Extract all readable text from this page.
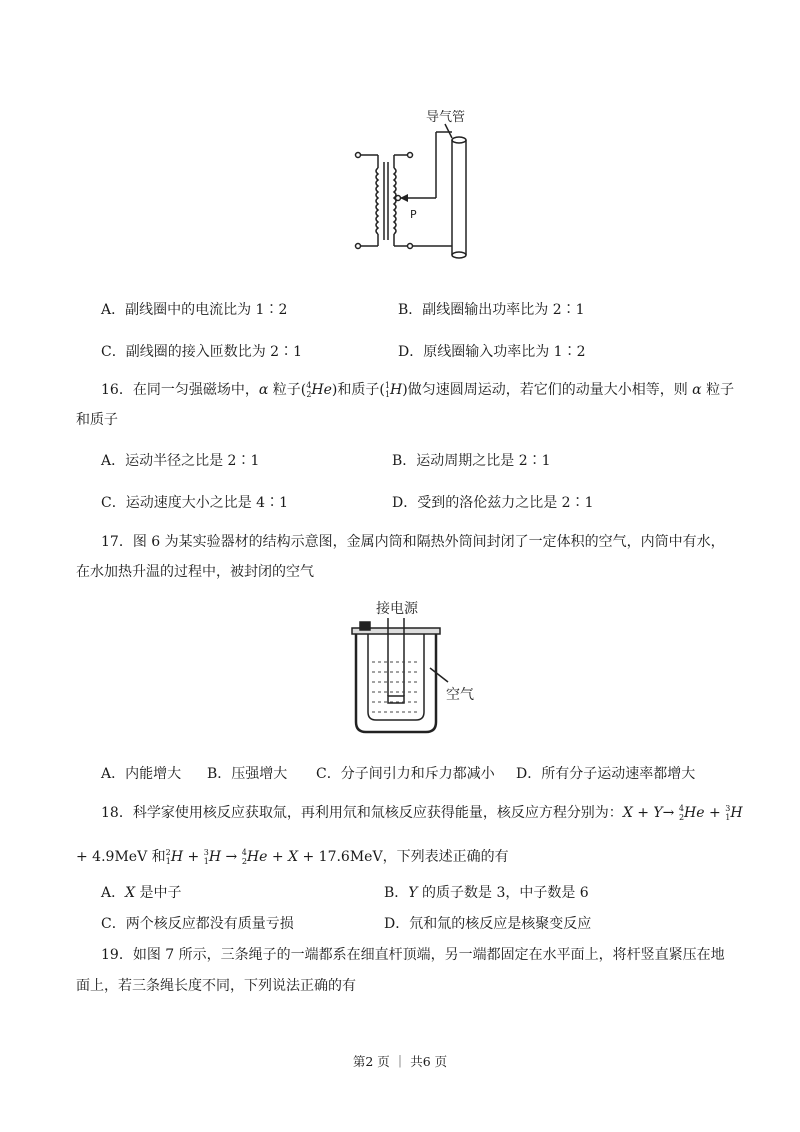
导气管
P
A．副线圈中的电流比为 1∶2	B．副线圈输出功率比为 2∶1
C．副线圈的接入匝数比为 2∶1	D．原线圈输入功率比为 1∶2
16．在同一匀强磁场中，α 粒子($^4_2$He)和质子($^1_1$H)做匀速圆周运动，若它们的动量大小相等，则 α 粒子
和质子
A．运动半径之比是 2∶1	B．运动周期之比是 2∶1
C．运动速度大小之比是 4∶1	D．受到的洛伦兹力之比是 2∶1
17．图 6 为某实验器材的结构示意图，金属内筒和隔热外筒间封闭了一定体积的空气，内筒中有水，
在水加热升温的过程中，被封闭的空气
接电源
空气
A．内能增大 B．压强增大 C．分子间引力和斥力都减小 D．所有分子运动速率都增大
18．科学家使用核反应获取氚，再利用氘和氚核反应获得能量，核反应方程分别为：X + Y→ $^4_2$He + $^3_1$H
+ 4.9MeV 和$^2_1$H + $^3_1$H → $^4_2$He + X + 17.6MeV，下列表述正确的有
A．X 是中子	B．Y 的质子数是 3，中子数是 6
C．两个核反应都没有质量亏损	D．氘和氚的核反应是核聚变反应
19．如图 7 所示，三条绳子的一端都系在细直杆顶端，另一端都固定在水平面上，将杆竖直紧压在地
面上，若三条绳长度不同，下列说法正确的有
第2 页 ｜ 共6 页
